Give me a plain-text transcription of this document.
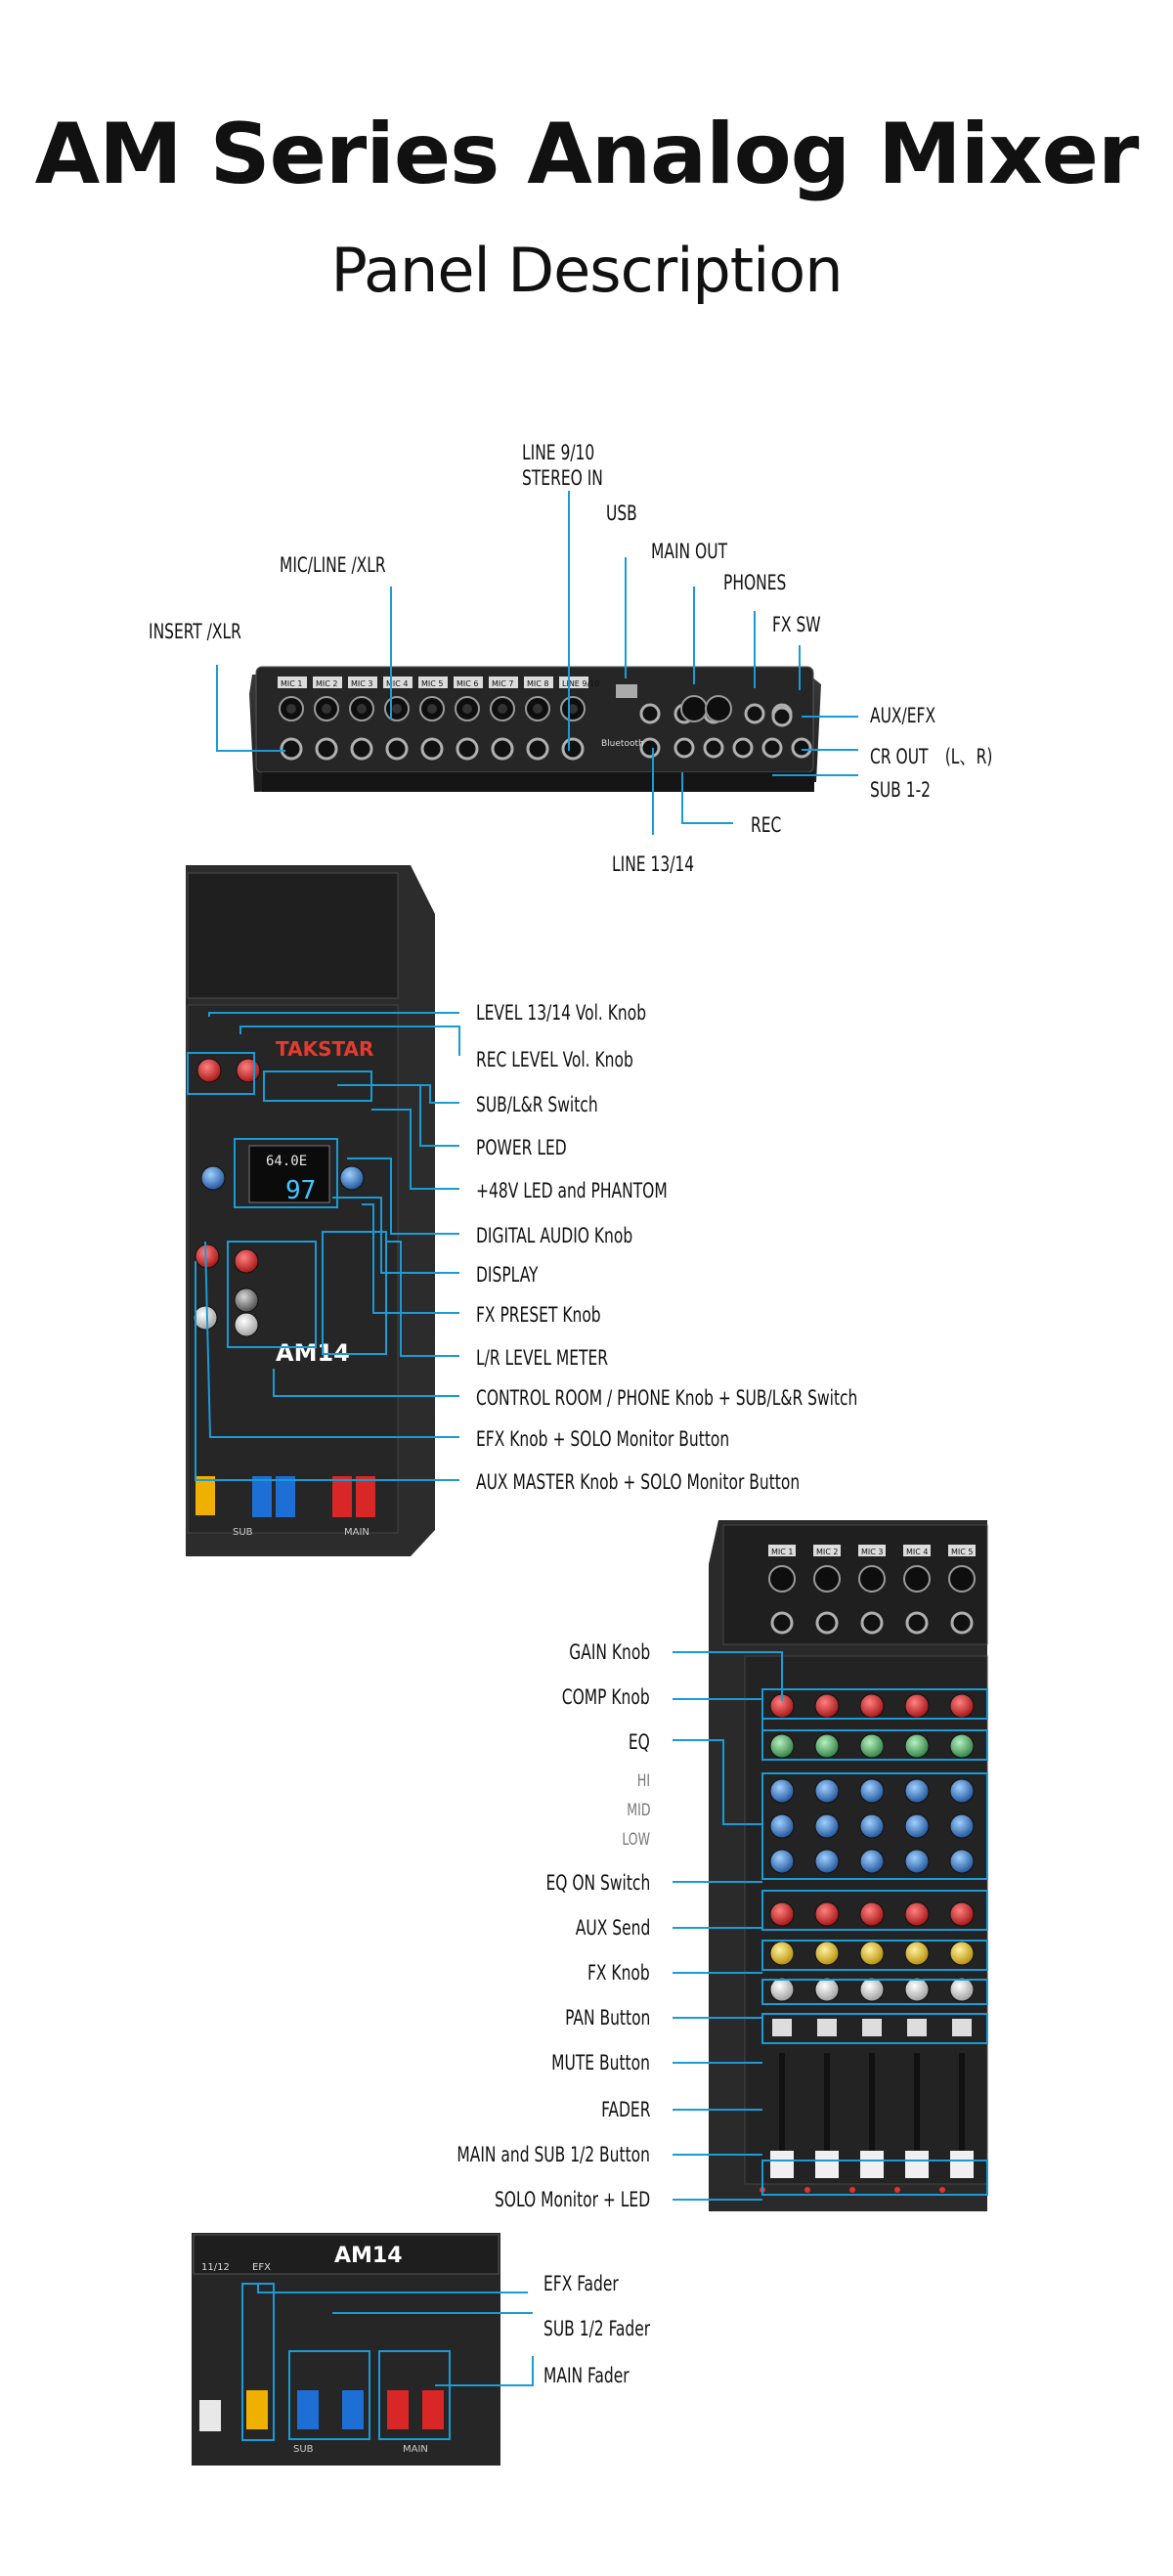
AM Series Analog Mixer
Panel Description
MIC 1 MIC 2 MIC 3 MIC 4 MIC 5 MIC 6 MIC 7 MIC 8 LINE 9/10
Bluetooth
LINE 9/10
STEREO IN
USB
MIC/LINE /XLR
MAIN OUT
PHONES
INSERT /XLR	FX SW
AUX/EFX
CR OUT　(L、R)
SUB 1-2
REC
LINE 13/14
64.0E
97
TAKSTAR
AM14
SUB	MAIN
LEVEL 13/14 Vol. Knob
REC LEVEL Vol. Knob
SUB/L&R Switch
POWER LED
+48V LED and PHANTOM
DIGITAL AUDIO Knob
DISPLAY
FX PRESET Knob
L/R LEVEL METER
CONTROL ROOM / PHONE Knob + SUB/L&R Switch
EFX Knob + SOLO Monitor Button
AUX MASTER Knob + SOLO Monitor Button
MIC 1	MIC 2	MIC 3	MIC 4	MIC 5
GAIN Knob
COMP Knob
EQ
HI
MID
LOW
EQ ON Switch
AUX Send
FX Knob
PAN Button
MUTE Button
FADER
MAIN and SUB 1/2 Button
SOLO Monitor + LED
AM14
11/12 EFX
SUB	MAIN
EFX Fader
SUB 1/2 Fader
MAIN Fader
